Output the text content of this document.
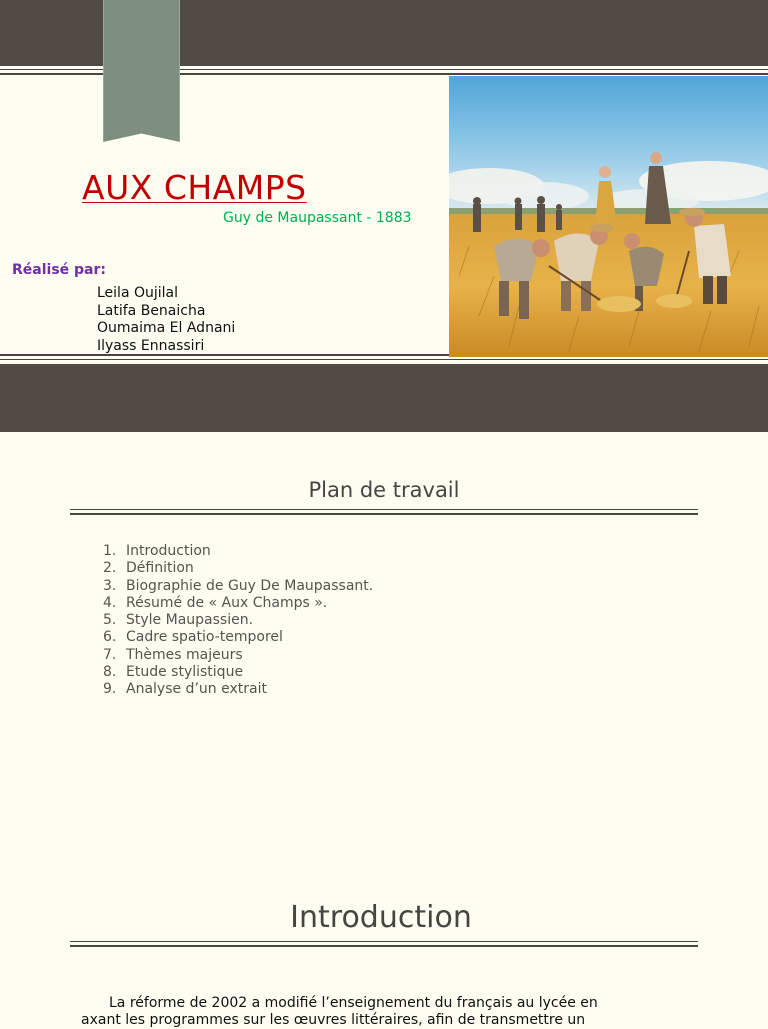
AUX CHAMPS
Guy de Maupassant - 1883
Réalisé par:
Leila Oujilal
Latifa Benaicha
Oumaima El Adnani
Ilyass Ennassiri
Plan de travail
1. Introduction
2. Définition
3. Biographie de Guy De Maupassant.
4. Résumé de « Aux Champs ».
5. Style Maupassien.
6. Cadre spatio-temporel
7. Thèmes majeurs
8. Etude stylistique
9. Analyse d’un extrait
Introduction
La réforme de 2002 a modifié l’enseignement du français au lycée en axant les programmes sur les œuvres littéraires, afin de transmettre un
